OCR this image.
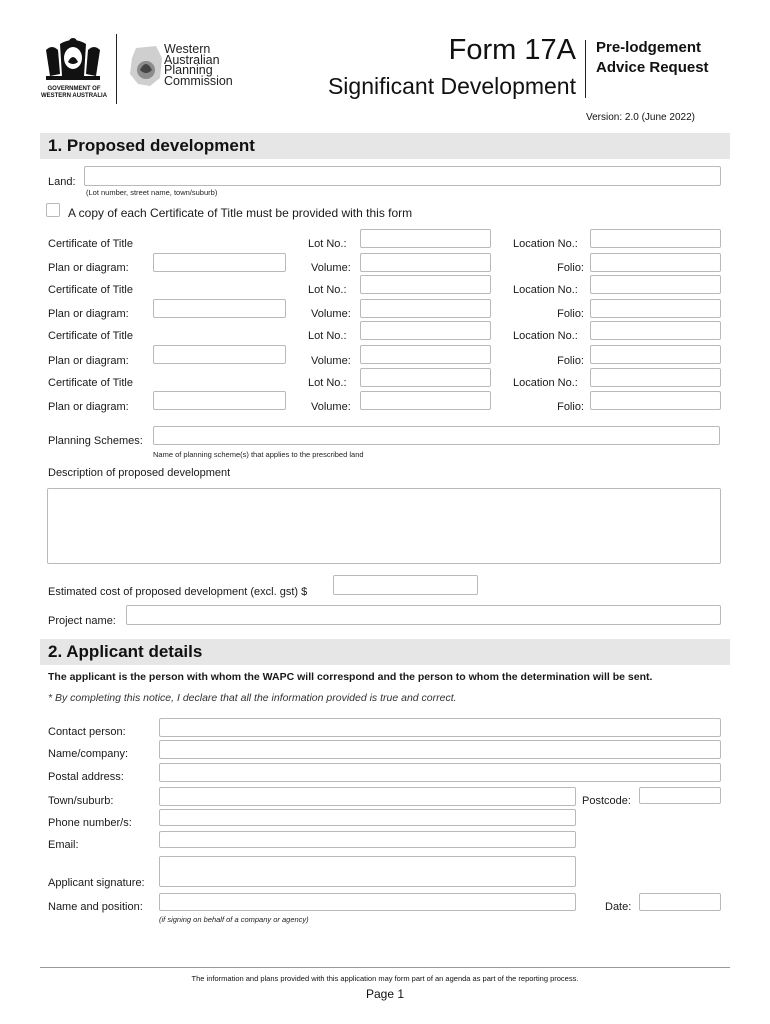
GOVERNMENT OF
WESTERN AUSTRALIA
Western
Australian
Planning
Commission
Form 17A
Significant Development
Pre-lodgement
Advice Request
Version: 2.0 (June 2022)
1. Proposed development
Land:
(Lot number, street name, town/suburb)
A copy of each Certificate of Title must be provided with this form
Certificate of Title	Lot No.:	Location No.:
Plan or diagram:	Volume:	Folio:
Certificate of Title	Lot No.:	Location No.:
Plan or diagram:	Volume:	Folio:
Certificate of Title	Lot No.:	Location No.:
Plan or diagram:	Volume:	Folio:
Certificate of Title	Lot No.:	Location No.:
Plan or diagram:	Volume:	Folio:
Planning Schemes:
Name of planning scheme(s) that applies to the prescribed land
Description of proposed development
Estimated cost of proposed development (excl. gst) $
Project name:
2. Applicant details
The applicant is the person with whom the WAPC will correspond and the person to whom the determination will be sent.
* By completing this notice, I declare that all the information provided is true and correct.
Contact person:
Name/company:
Postal address:
Town/suburb:	Postcode:
Phone number/s:
Email:
Applicant signature:
Name and position:
(if signing on behalf of a company or agency)
Date:
The information and plans provided with this application may form part of an agenda as part of the reporting process.
Page 1
